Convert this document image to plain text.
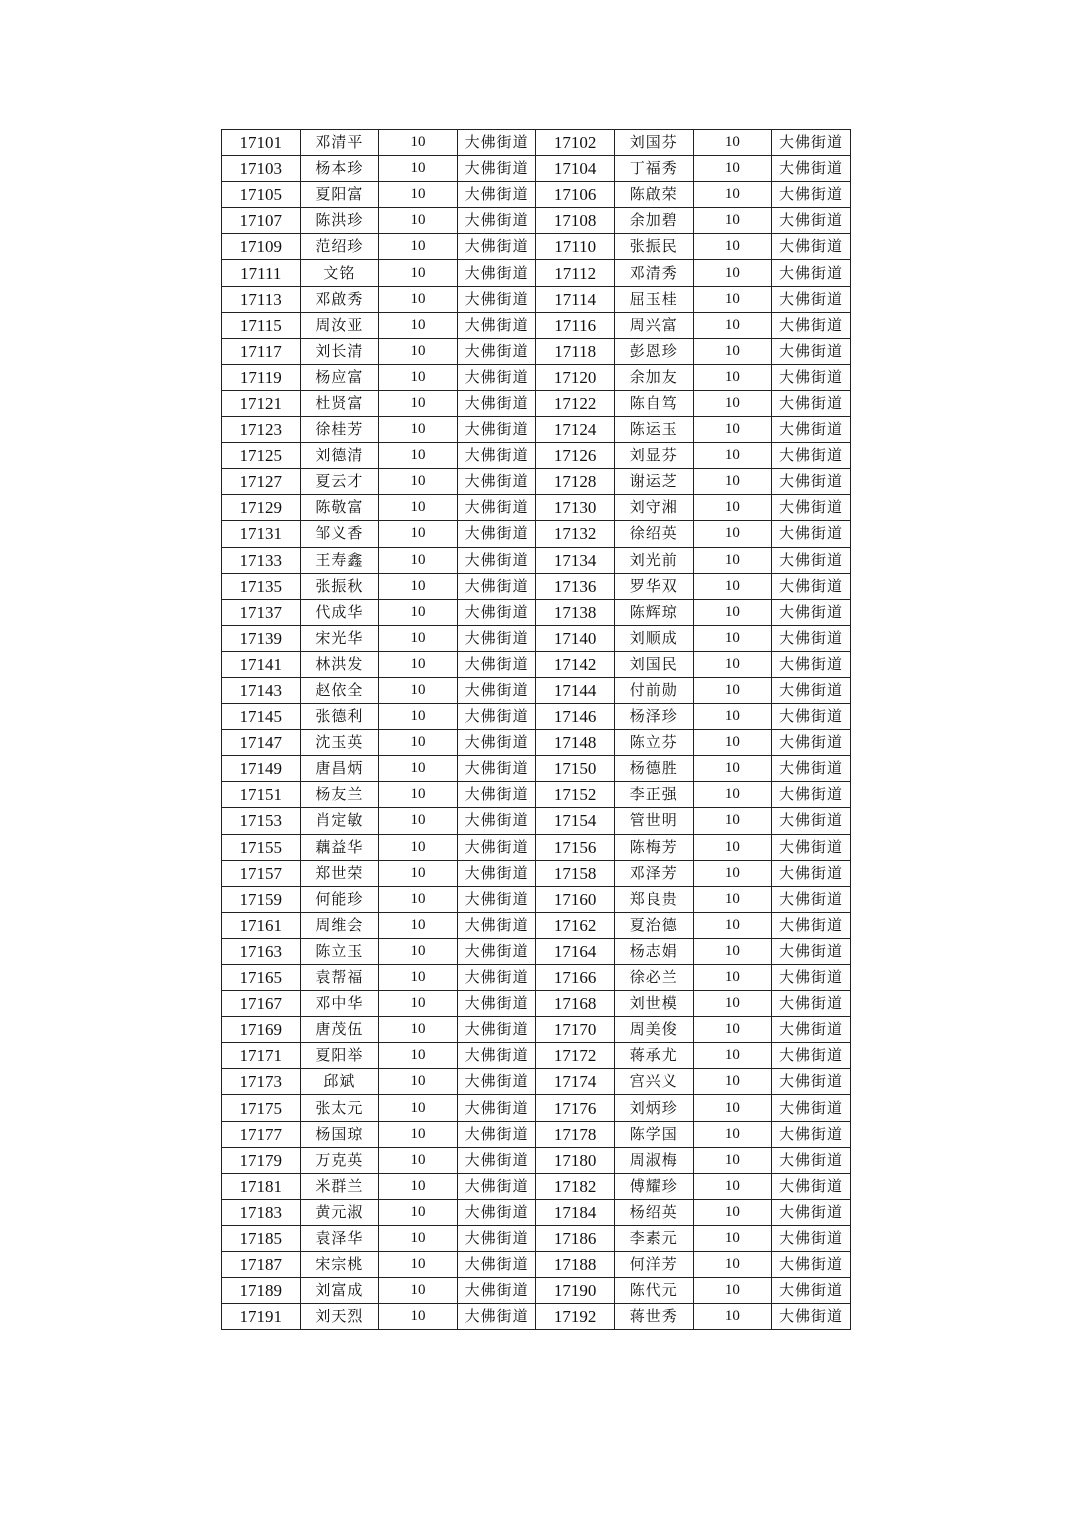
17101	邓清平	10	大佛街道	17102	刘国芬	10	大佛街道
17103	杨本珍	10	大佛街道	17104	丁福秀	10	大佛街道
17105	夏阳富	10	大佛街道	17106	陈啟荣	10	大佛街道
17107	陈洪珍	10	大佛街道	17108	余加碧	10	大佛街道
17109	范绍珍	10	大佛街道	17110	张振民	10	大佛街道
17111	文铭	10	大佛街道	17112	邓清秀	10	大佛街道
17113	邓啟秀	10	大佛街道	17114	屈玉桂	10	大佛街道
17115	周汝亚	10	大佛街道	17116	周兴富	10	大佛街道
17117	刘长清	10	大佛街道	17118	彭恩珍	10	大佛街道
17119	杨应富	10	大佛街道	17120	余加友	10	大佛街道
17121	杜贤富	10	大佛街道	17122	陈自笃	10	大佛街道
17123	徐桂芳	10	大佛街道	17124	陈运玉	10	大佛街道
17125	刘德清	10	大佛街道	17126	刘显芬	10	大佛街道
17127	夏云才	10	大佛街道	17128	谢运芝	10	大佛街道
17129	陈敬富	10	大佛街道	17130	刘守湘	10	大佛街道
17131	邹义香	10	大佛街道	17132	徐绍英	10	大佛街道
17133	王寿鑫	10	大佛街道	17134	刘光前	10	大佛街道
17135	张振秋	10	大佛街道	17136	罗华双	10	大佛街道
17137	代成华	10	大佛街道	17138	陈辉琼	10	大佛街道
17139	宋光华	10	大佛街道	17140	刘顺成	10	大佛街道
17141	林洪发	10	大佛街道	17142	刘国民	10	大佛街道
17143	赵依全	10	大佛街道	17144	付前勋	10	大佛街道
17145	张德利	10	大佛街道	17146	杨泽珍	10	大佛街道
17147	沈玉英	10	大佛街道	17148	陈立芬	10	大佛街道
17149	唐昌炳	10	大佛街道	17150	杨德胜	10	大佛街道
17151	杨友兰	10	大佛街道	17152	李正强	10	大佛街道
17153	肖定敏	10	大佛街道	17154	管世明	10	大佛街道
17155	藕益华	10	大佛街道	17156	陈梅芳	10	大佛街道
17157	郑世荣	10	大佛街道	17158	邓泽芳	10	大佛街道
17159	何能珍	10	大佛街道	17160	郑良贵	10	大佛街道
17161	周维会	10	大佛街道	17162	夏治德	10	大佛街道
17163	陈立玉	10	大佛街道	17164	杨志娟	10	大佛街道
17165	袁帮福	10	大佛街道	17166	徐必兰	10	大佛街道
17167	邓中华	10	大佛街道	17168	刘世模	10	大佛街道
17169	唐茂伍	10	大佛街道	17170	周美俊	10	大佛街道
17171	夏阳举	10	大佛街道	17172	蒋承尤	10	大佛街道
17173	邱斌	10	大佛街道	17174	宫兴义	10	大佛街道
17175	张太元	10	大佛街道	17176	刘炳珍	10	大佛街道
17177	杨国琼	10	大佛街道	17178	陈学国	10	大佛街道
17179	万克英	10	大佛街道	17180	周淑梅	10	大佛街道
17181	米群兰	10	大佛街道	17182	傅耀珍	10	大佛街道
17183	黄元淑	10	大佛街道	17184	杨绍英	10	大佛街道
17185	袁泽华	10	大佛街道	17186	李素元	10	大佛街道
17187	宋宗桃	10	大佛街道	17188	何洋芳	10	大佛街道
17189	刘富成	10	大佛街道	17190	陈代元	10	大佛街道
17191	刘天烈	10	大佛街道	17192	蒋世秀	10	大佛街道
